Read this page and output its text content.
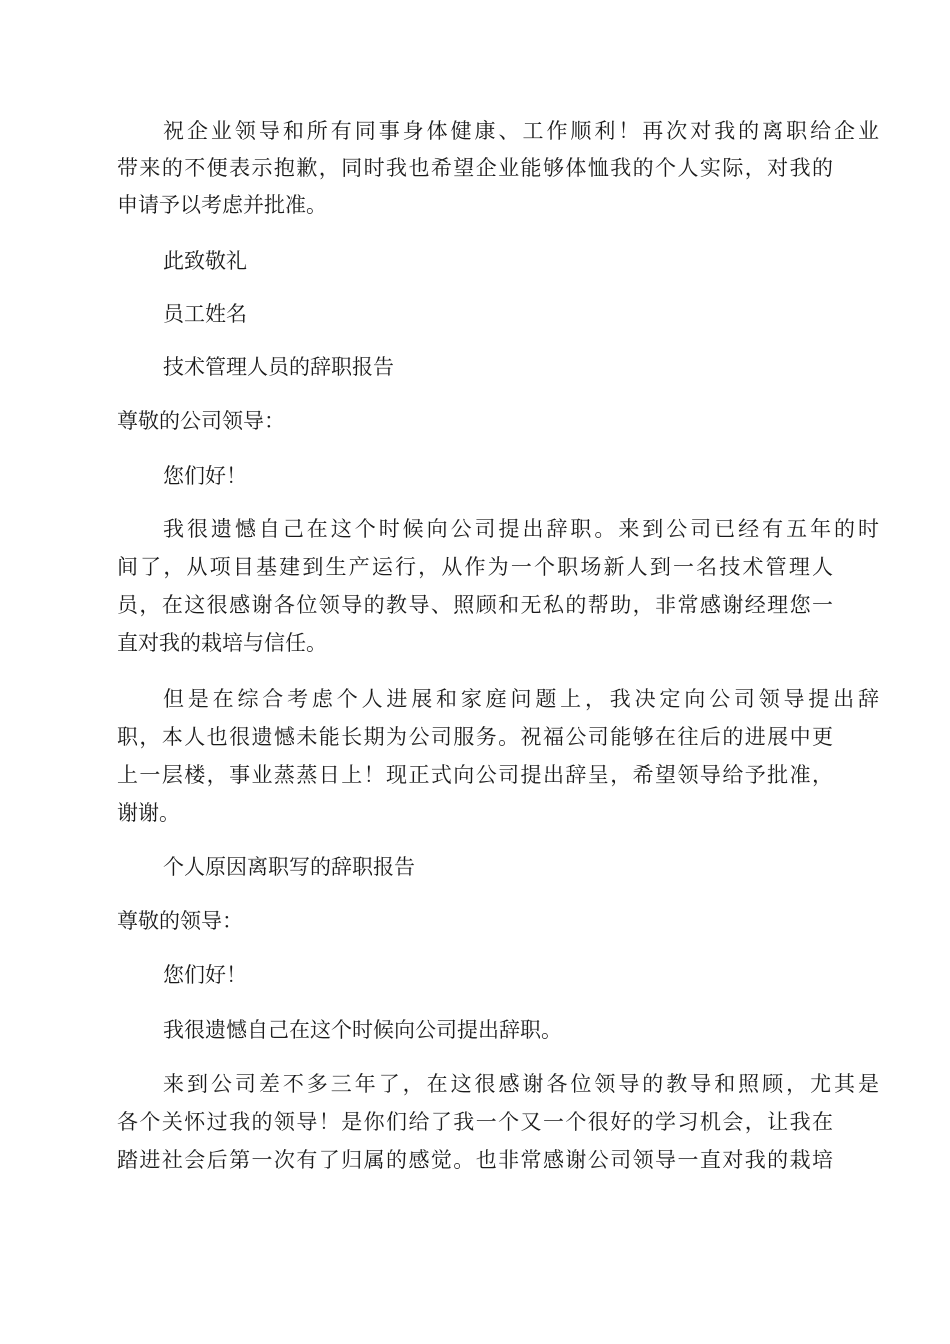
祝企业领导和所有同事身体健康、工作顺利！再次对我的离职给企业
带来的不便表示抱歉，同时我也希望企业能够体恤我的个人实际，对我的
申请予以考虑并批准。
此致敬礼
员工姓名
技术管理人员的辞职报告
尊敬的公司领导：
您们好！
我很遗憾自己在这个时候向公司提出辞职。来到公司已经有五年的时
间了，从项目基建到生产运行，从作为一个职场新人到一名技术管理人
员，在这很感谢各位领导的教导、照顾和无私的帮助，非常感谢经理您一
直对我的栽培与信任。
但是在综合考虑个人进展和家庭问题上，我决定向公司领导提出辞
职，本人也很遗憾未能长期为公司服务。祝福公司能够在往后的进展中更
上一层楼，事业蒸蒸日上！现正式向公司提出辞呈，希望领导给予批准，
谢谢。
个人原因离职写的辞职报告
尊敬的领导：
您们好！
我很遗憾自己在这个时候向公司提出辞职。
来到公司差不多三年了，在这很感谢各位领导的教导和照顾，尤其是
各个关怀过我的领导！是你们给了我一个又一个很好的学习机会，让我在
踏进社会后第一次有了归属的感觉。也非常感谢公司领导一直对我的栽培
